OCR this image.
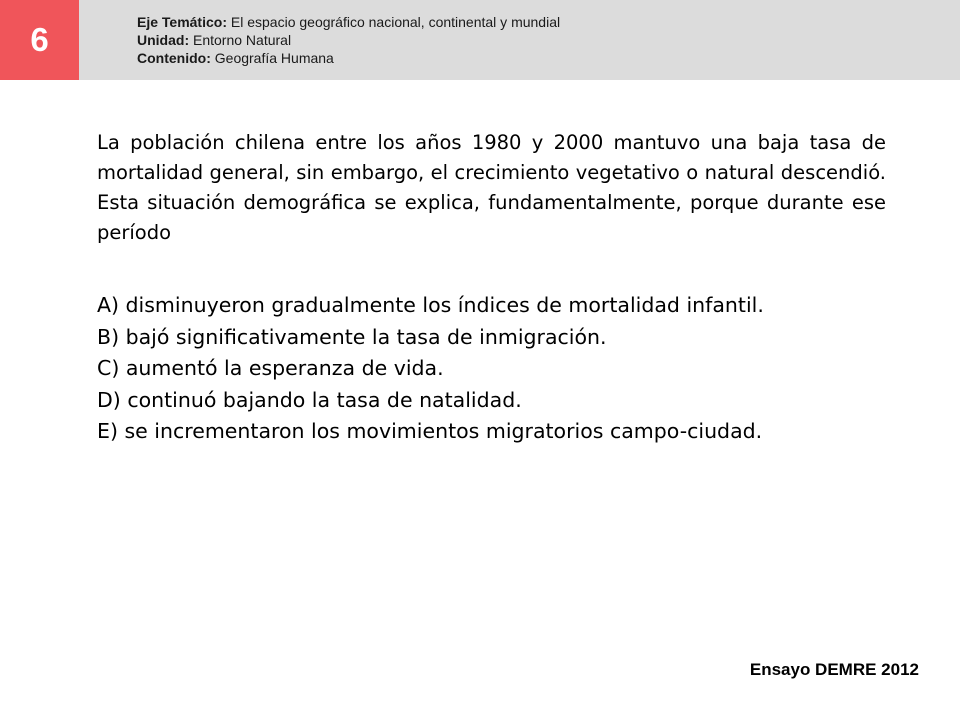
6	Eje Temático: El espacio geográfico nacional, continental y mundial
Unidad: Entorno Natural
Contenido: Geografía Humana
La población chilena entre los años 1980 y 2000 mantuvo una baja tasa de mortalidad general, sin embargo, el crecimiento vegetativo o natural descendió. Esta situación demográfica se explica, fundamentalmente, porque durante ese período
A) disminuyeron gradualmente los índices de mortalidad infantil.
B) bajó significativamente la tasa de inmigración.
C) aumentó la esperanza de vida.
D) continuó bajando la tasa de natalidad.
E) se incrementaron los movimientos migratorios campo-ciudad.
Ensayo DEMRE 2012
